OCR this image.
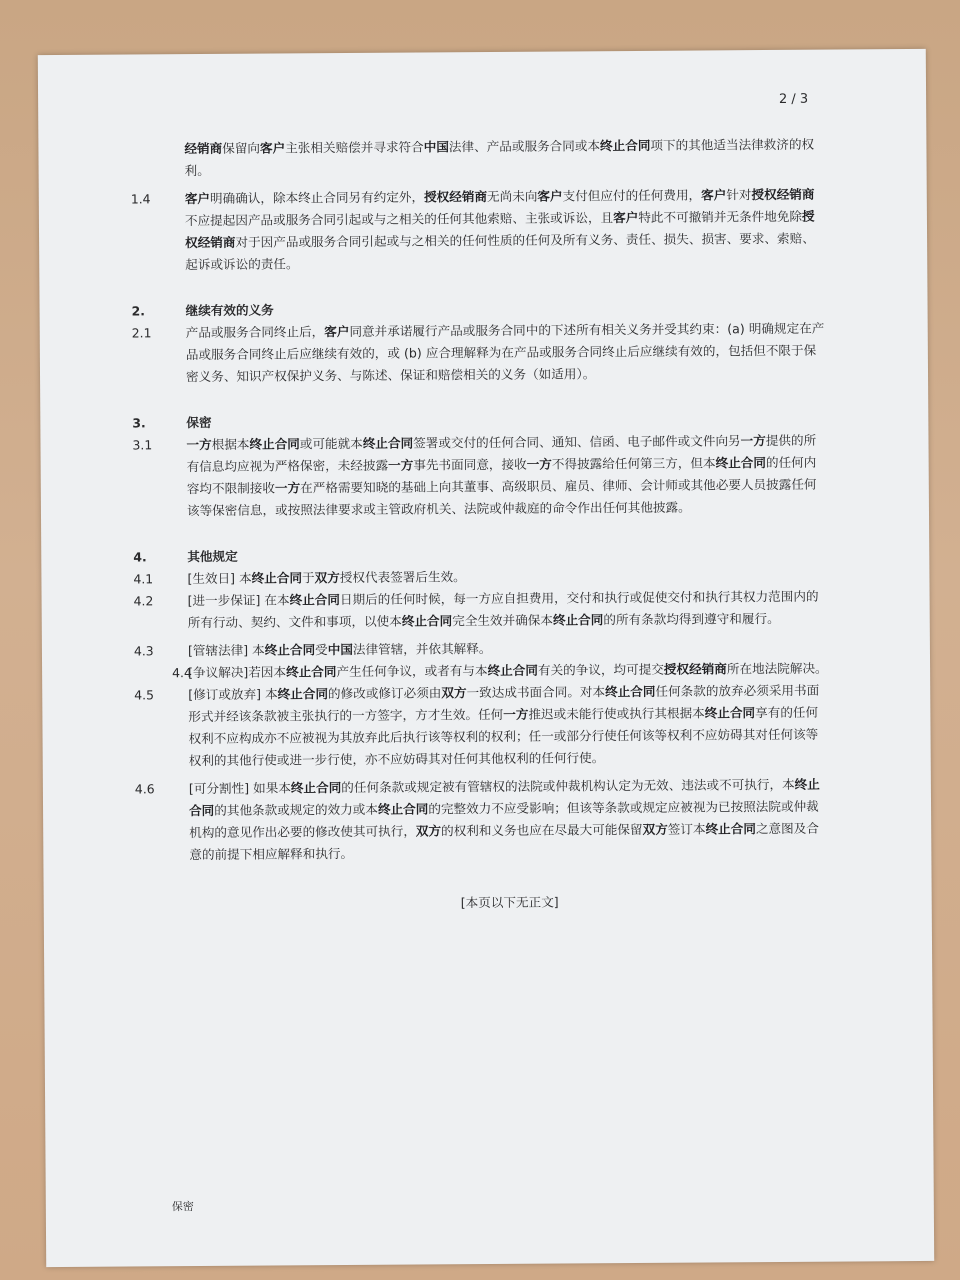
2 / 3
经销商保留向客户主张相关赔偿并寻求符合中国法律、产品或服务合同或本终止合同项下的其他适当法律救济的权利。
1.4	客户明确确认，除本终止合同另有约定外，授权经销商无尚未向客户支付但应付的任何费用，客户针对授权经销商不应提起因产品或服务合同引起或与之相关的任何其他索赔、主张或诉讼，且客户特此不可撤销并无条件地免除授权经销商对于因产品或服务合同引起或与之相关的任何性质的任何及所有义务、责任、损失、损害、要求、索赔、起诉或诉讼的责任。
2.	继续有效的义务
2.1	产品或服务合同终止后，客户同意并承诺履行产品或服务合同中的下述所有相关义务并受其约束：(a) 明确规定在产品或服务合同终止后应继续有效的，或 (b) 应合理解释为在产品或服务合同终止后应继续有效的，包括但不限于保密义务、知识产权保护义务、与陈述、保证和赔偿相关的义务（如适用）。
3.	保密
3.1	一方根据本终止合同或可能就本终止合同签署或交付的任何合同、通知、信函、电子邮件或文件向另一方提供的所有信息均应视为严格保密，未经披露一方事先书面同意，接收一方不得披露给任何第三方，但本终止合同的任何内容均不限制接收一方在严格需要知晓的基础上向其董事、高级职员、雇员、律师、会计师或其他必要人员披露任何该等保密信息，或按照法律要求或主管政府机关、法院或仲裁庭的命令作出任何其他披露。
4.	其他规定
4.1	[生效日] 本终止合同于双方授权代表签署后生效。
4.2	[进一步保证] 在本终止合同日期后的任何时候，每一方应自担费用，交付和执行或促使交付和执行其权力范围内的所有行动、契约、文件和事项，以使本终止合同完全生效并确保本终止合同的所有条款均得到遵守和履行。
4.3	[管辖法律] 本终止合同受中国法律管辖，并依其解释。
4.4
[争议解决]若因本终止合同产生任何争议，或者有与本终止合同有关的争议，均可提交授权经销商所在地法院解决。
4.5	[修订或放弃] 本终止合同的修改或修订必须由双方一致达成书面合同。对本终止合同任何条款的放弃必须采用书面形式并经该条款被主张执行的一方签字，方才生效。任何一方推迟或未能行使或执行其根据本终止合同享有的任何权利不应构成亦不应被视为其放弃此后执行该等权利的权利；任一或部分行使任何该等权利不应妨碍其对任何该等权利的其他行使或进一步行使，亦不应妨碍其对任何其他权利的任何行使。
4.6	[可分割性] 如果本终止合同的任何条款或规定被有管辖权的法院或仲裁机构认定为无效、违法或不可执行，本终止合同的其他条款或规定的效力或本终止合同的完整效力不应受影响；但该等条款或规定应被视为已按照法院或仲裁机构的意见作出必要的修改使其可执行，双方的权利和义务也应在尽最大可能保留双方签订本终止合同之意图及合意的前提下相应解释和执行。
[本页以下无正文]
保密
